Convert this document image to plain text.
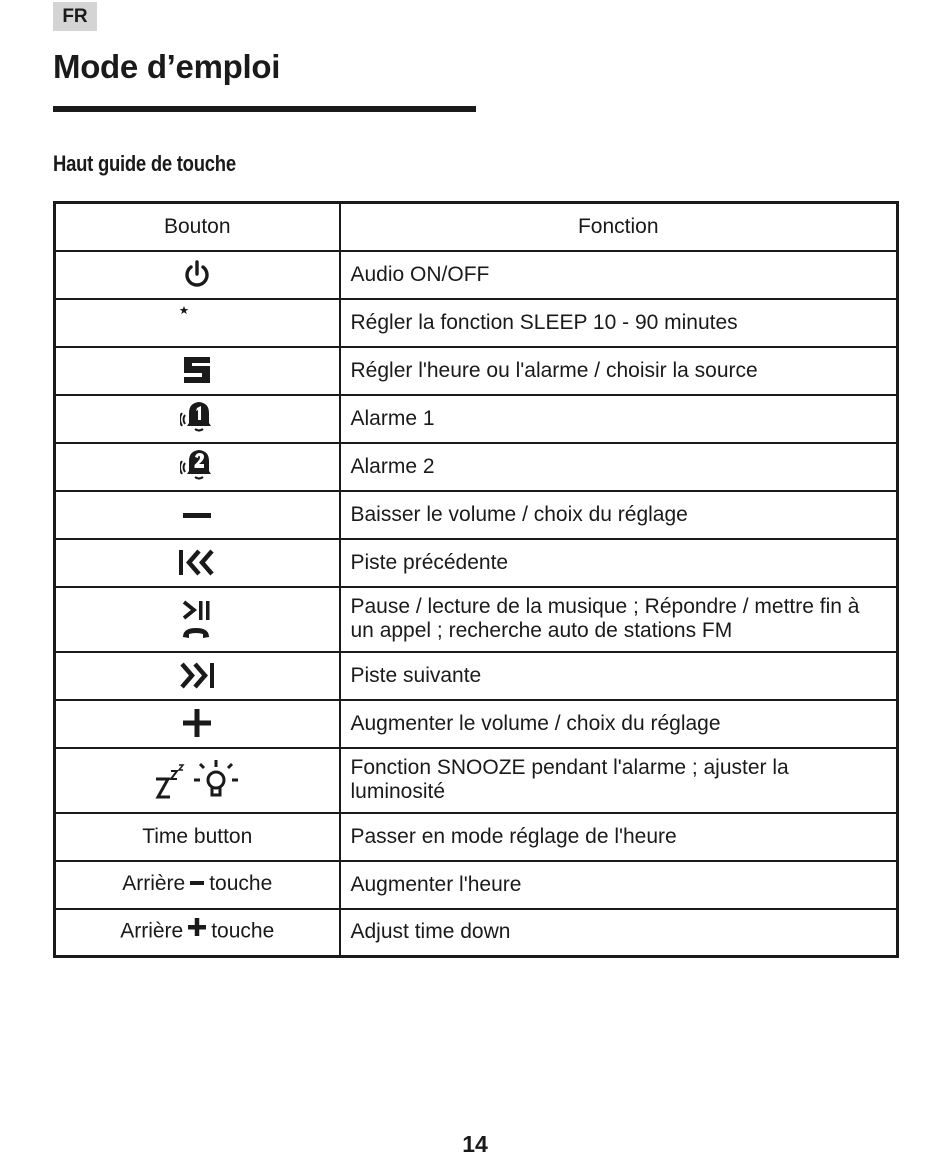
FR
Mode d’emploi
Haut guide de touche
Bouton	Fonction

	Audio ON/OFF

	Régler la fonction SLEEP 10 - 90 minutes

	Régler l'heure ou l'alarme / choisir la source

	Alarme 1

	Alarme 2

	Baisser le volume / choix du réglage

	Piste précédente

	Pause / lecture de la musique ; Répondre / mettre fin à un appel ; recherche auto de stations FM

	Piste suivante

	Augmenter le volume / choix du réglage

	Fonction SNOOZE pendant l'alarme ; ajuster la luminosité
Time button	Passer en mode réglage de l'heure
Arrière touche	Augmenter l'heure
Arrière touche	Adjust time down
14
